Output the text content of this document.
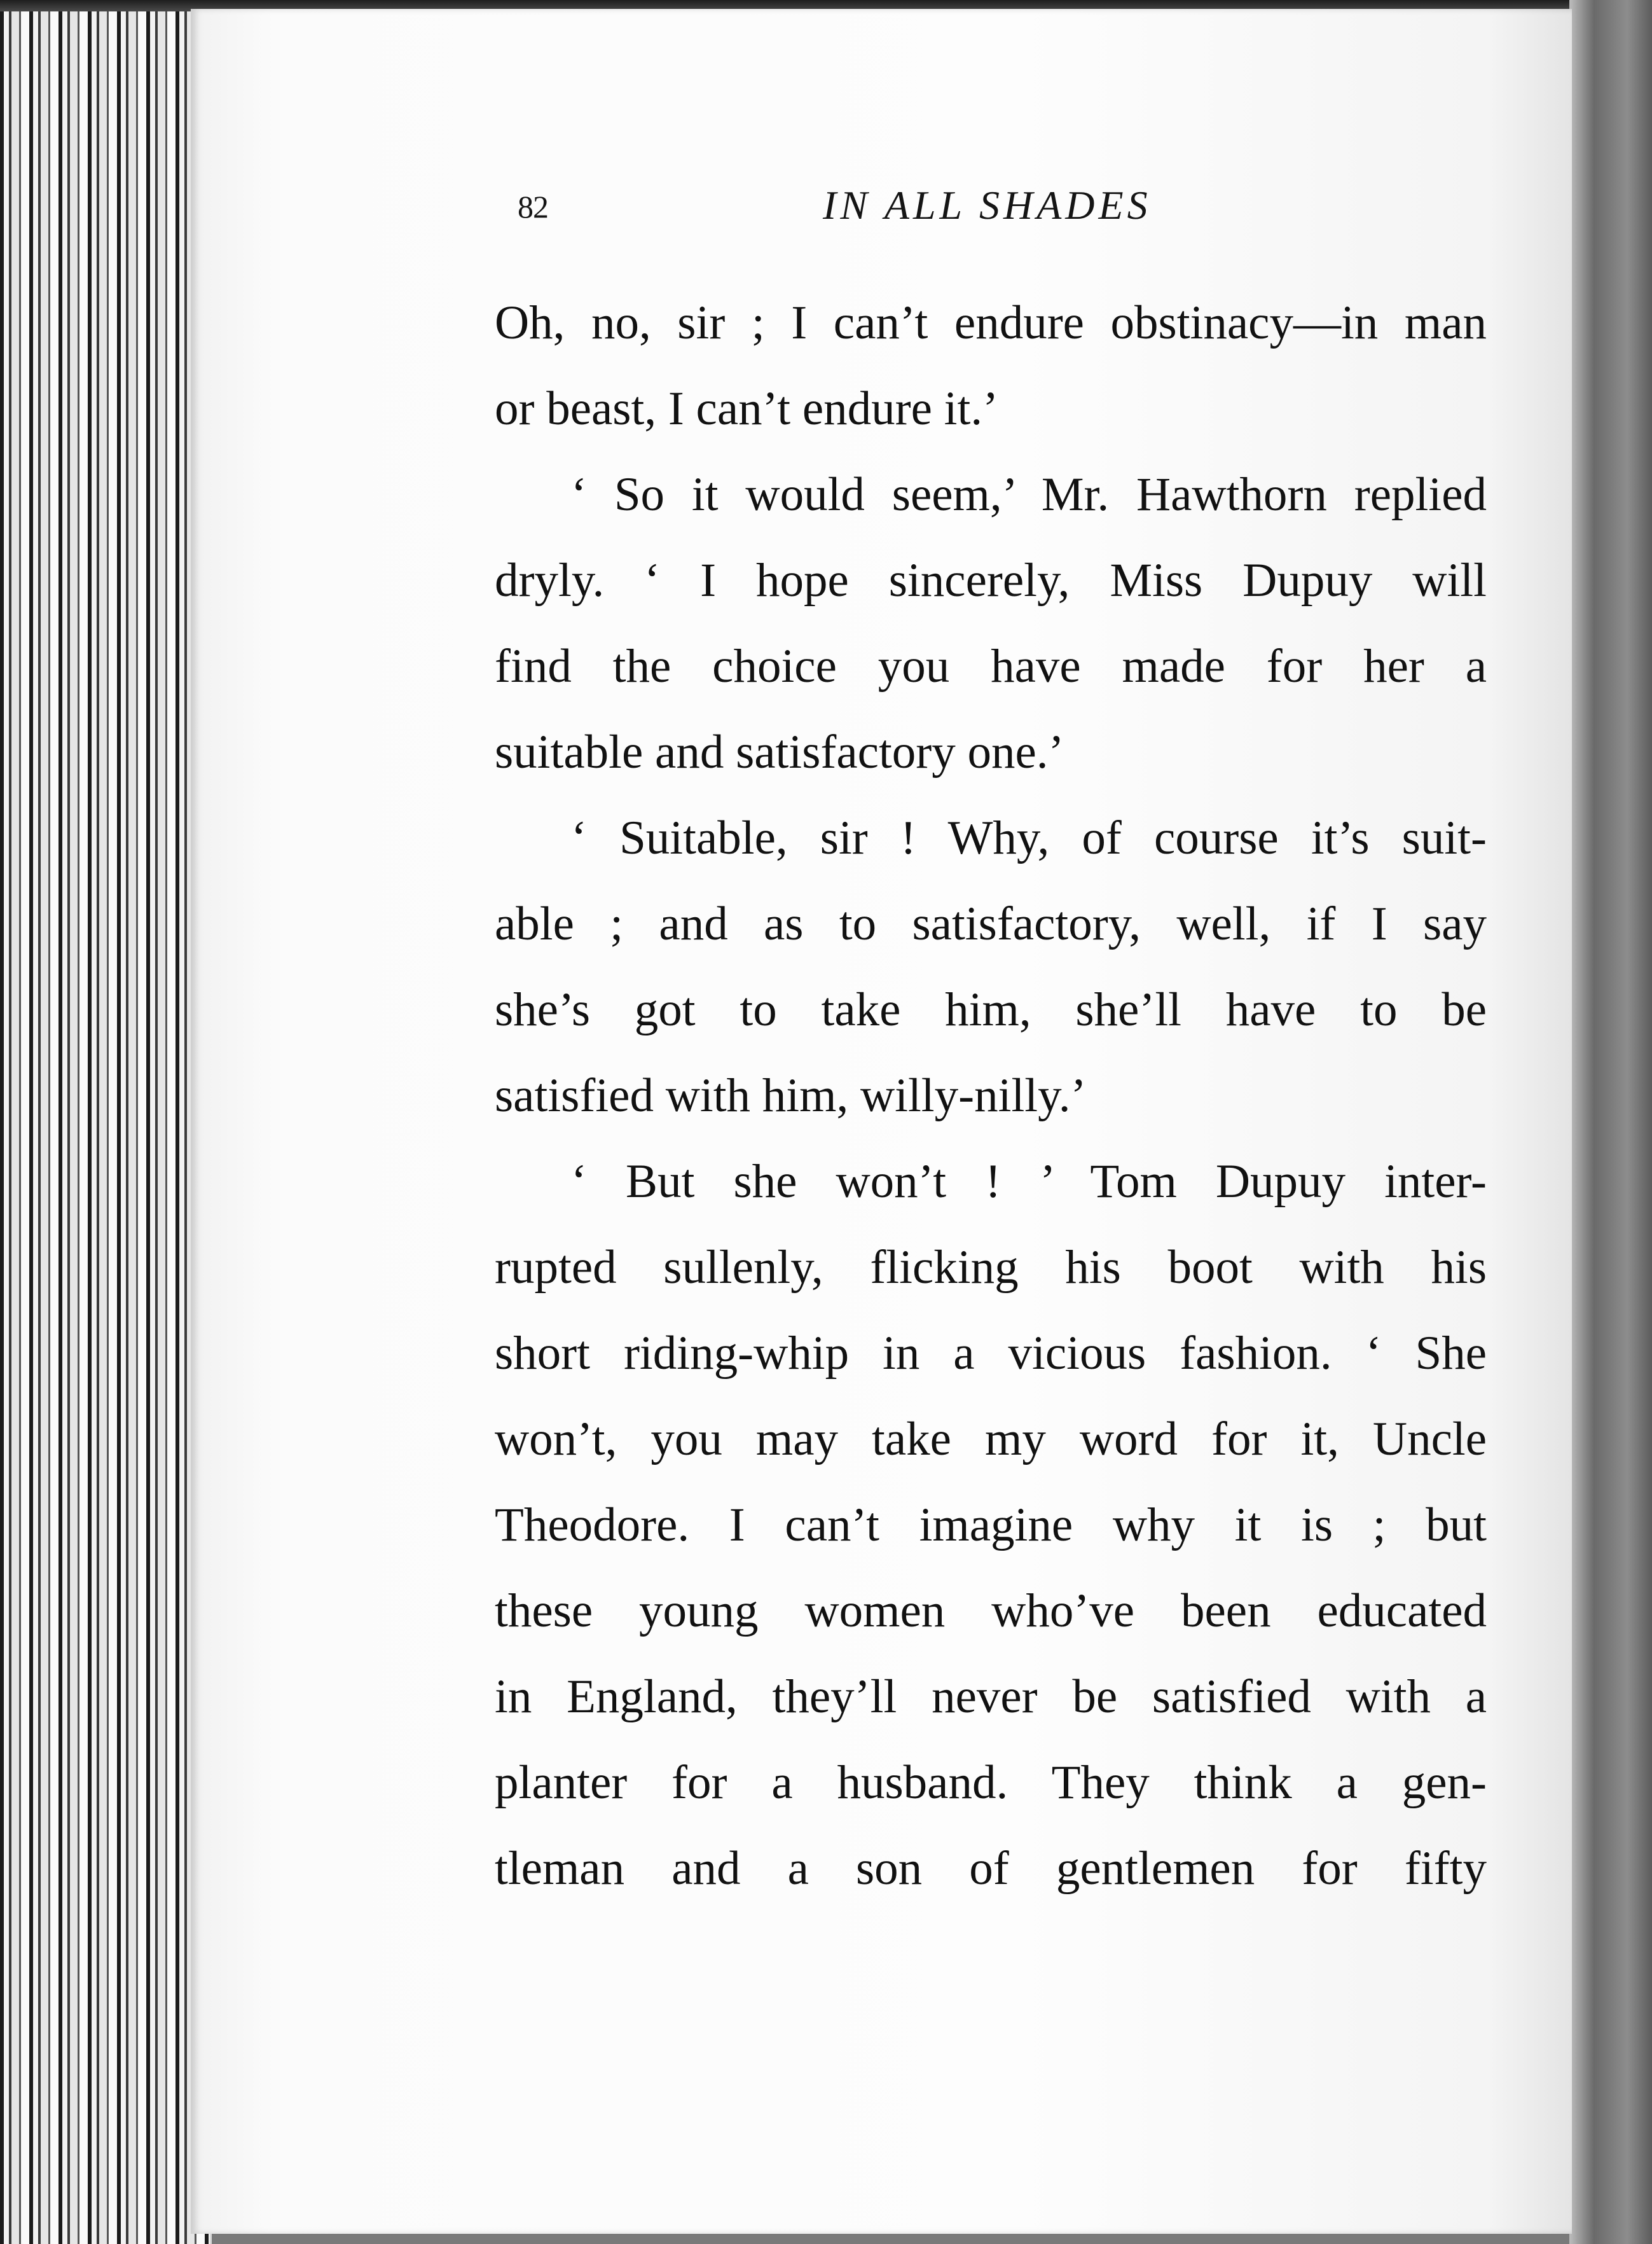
82	IN ALL SHADES
Oh, no, sir ; I can’t endure obstinacy—in man
or beast, I can’t endure it.’
‘ So it would seem,’ Mr. Hawthorn replied
dryly. ‘ I hope sincerely, Miss Dupuy will
find the choice you have made for her a
suitable and satisfactory one.’
‘ Suitable, sir ! Why, of course it’s suit-
able ; and as to satisfactory, well, if I say
she’s got to take him, she’ll have to be
satisfied with him, willy-nilly.’
‘ But she won’t ! ’ Tom Dupuy inter-
rupted sullenly, flicking his boot with his
short riding-whip in a vicious fashion. ‘ She
won’t, you may take my word for it, Uncle
Theodore. I can’t imagine why it is ; but
these young women who’ve been educated
in England, they’ll never be satisfied with a
planter for a husband. They think a gen-
tleman and a son of gentlemen for fifty
